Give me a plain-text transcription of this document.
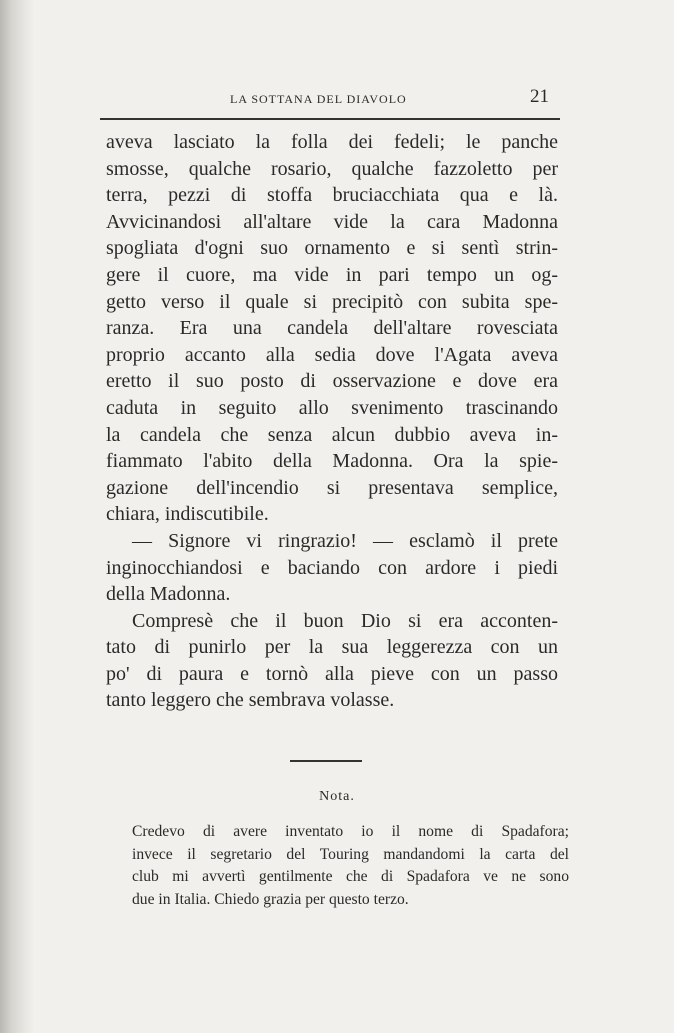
LA SOTTANA DEL DIAVOLO	21
aveva lasciato la folla dei fedeli; le panche
smosse, qualche rosario, qualche fazzoletto per
terra, pezzi di stoffa bruciacchiata qua e là.
Avvicinandosi all'altare vide la cara Madonna
spogliata d'ogni suo ornamento e si sentì strin-
gere il cuore, ma vide in pari tempo un og-
getto verso il quale si precipitò con subita spe-
ranza. Era una candela dell'altare rovesciata
proprio accanto alla sedia dove l'Agata aveva
eretto il suo posto di osservazione e dove era
caduta in seguito allo svenimento trascinando
la candela che senza alcun dubbio aveva in-
fiammato l'abito della Madonna. Ora la spie-
gazione dell'incendio si presentava semplice,
chiara, indiscutibile.
— Signore vi ringrazio! — esclamò il prete
inginocchiandosi e baciando con ardore i piedi
della Madonna.
Compresè che il buon Dio si era acconten-
tato di punirlo per la sua leggerezza con un
po' di paura e tornò alla pieve con un passo
tanto leggero che sembrava volasse.
Nota.
Credevo di avere inventato io il nome di Spadafora;
invece il segretario del Touring mandandomi la carta del
club mi avvertì gentilmente che di Spadafora ve ne sono
due in Italia. Chiedo grazia per questo terzo.
